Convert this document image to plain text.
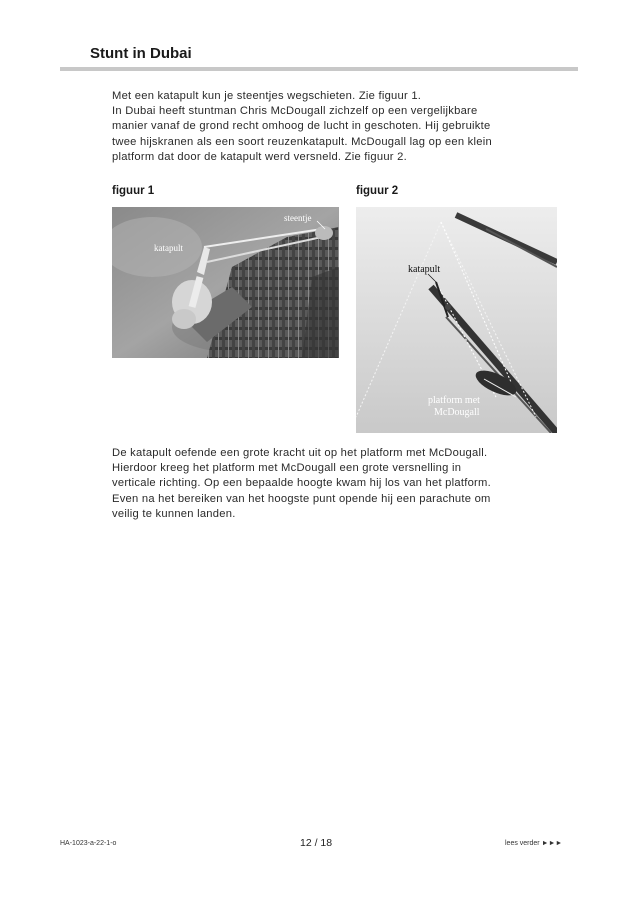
Stunt in Dubai
Met een katapult kun je steentjes wegschieten. Zie figuur 1.
In Dubai heeft stuntman Chris McDougall zichzelf op een vergelijkbare
manier vanaf de grond recht omhoog de lucht in geschoten. Hij gebruikte
twee hijskranen als een soort reuzenkatapult. McDougall lag op een klein
platform dat door de katapult werd versneld. Zie figuur 2.
figuur 1	figuur 2
steentje
katapult
katapult
platform met
McDougall
De katapult oefende een grote kracht uit op het platform met McDougall.
Hierdoor kreeg het platform met McDougall een grote versnelling in
verticale richting. Op een bepaalde hoogte kwam hij los van het platform.
Even na het bereiken van het hoogste punt opende hij een parachute om
veilig te kunnen landen.
HA-1023-a-22-1-o	12 / 18	lees verder ►►►
